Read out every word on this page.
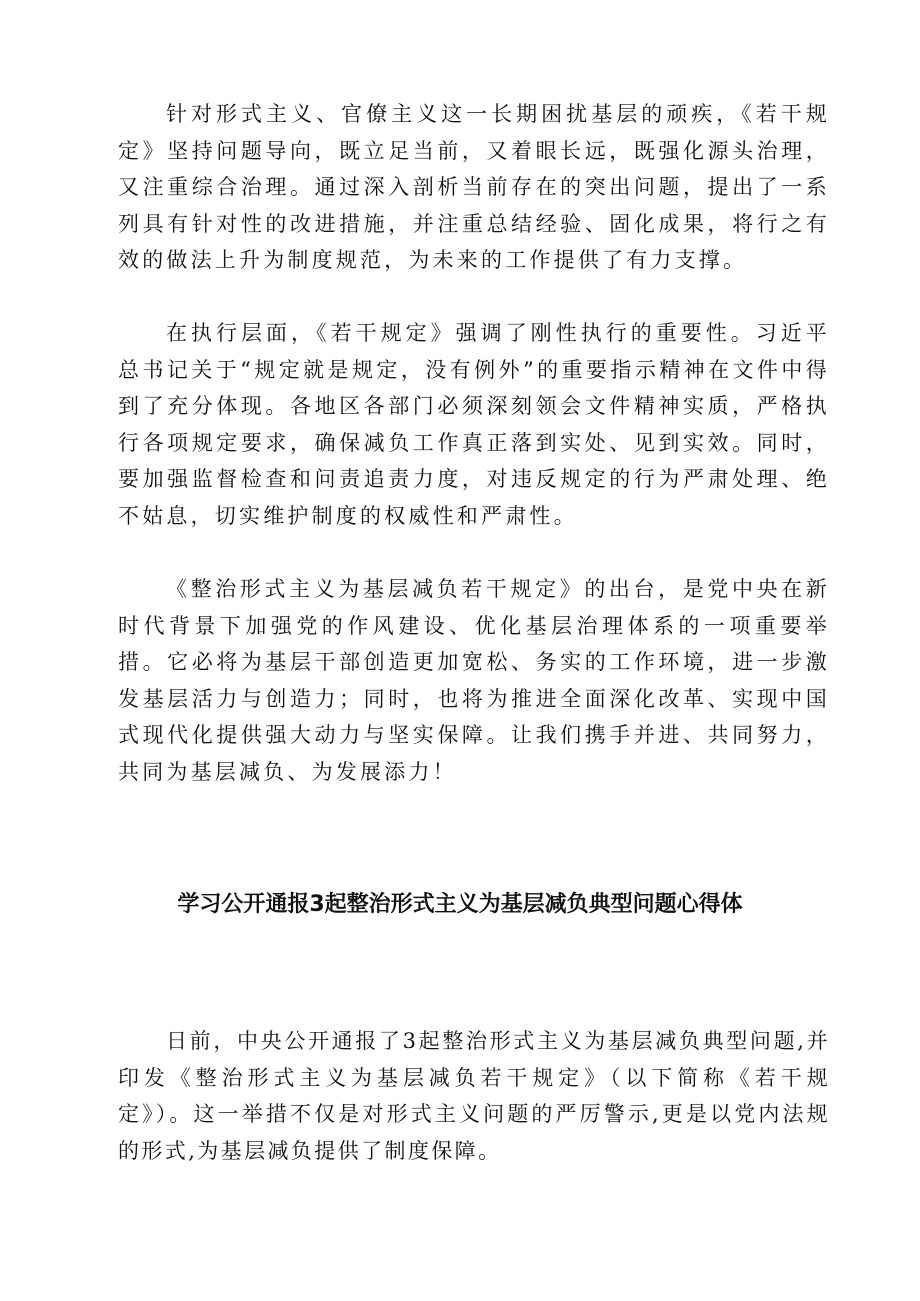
针对形式主义、官僚主义这一长期困扰基层的顽疾，《若干规定》坚持问题导向，既立足当前，又着眼长远，既强化源头治理，又注重综合治理。通过深入剖析当前存在的突出问题，提出了一系列具有针对性的改进措施，并注重总结经验、固化成果，将行之有效的做法上升为制度规范，为未来的工作提供了有力支撑。

在执行层面，《若干规定》强调了刚性执行的重要性。习近平总书记关于“规定就是规定，没有例外”的重要指示精神在文件中得到了充分体现。各地区各部门必须深刻领会文件精神实质，严格执行各项规定要求，确保减负工作真正落到实处、见到实效。同时，要加强监督检查和问责追责力度，对违反规定的行为严肃处理、绝不姑息，切实维护制度的权威性和严肃性。

《整治形式主义为基层减负若干规定》的出台，是党中央在新时代背景下加强党的作风建设、优化基层治理体系的一项重要举措。它必将为基层干部创造更加宽松、务实的工作环境，进一步激发基层活力与创造力；同时，也将为推进全面深化改革、实现中国式现代化提供强大动力与坚实保障。让我们携手并进、共同努力，共同为基层减负、为发展添力！

学习公开通报3起整治形式主义为基层减负典型问题心得体

日前，中央公开通报了3起整治形式主义为基层减负典型问题,并印发《整治形式主义为基层减负若干规定》（以下简称《若干规定》）。这一举措不仅是对形式主义问题的严厉警示,更是以党内法规的形式,为基层减负提供了制度保障。
